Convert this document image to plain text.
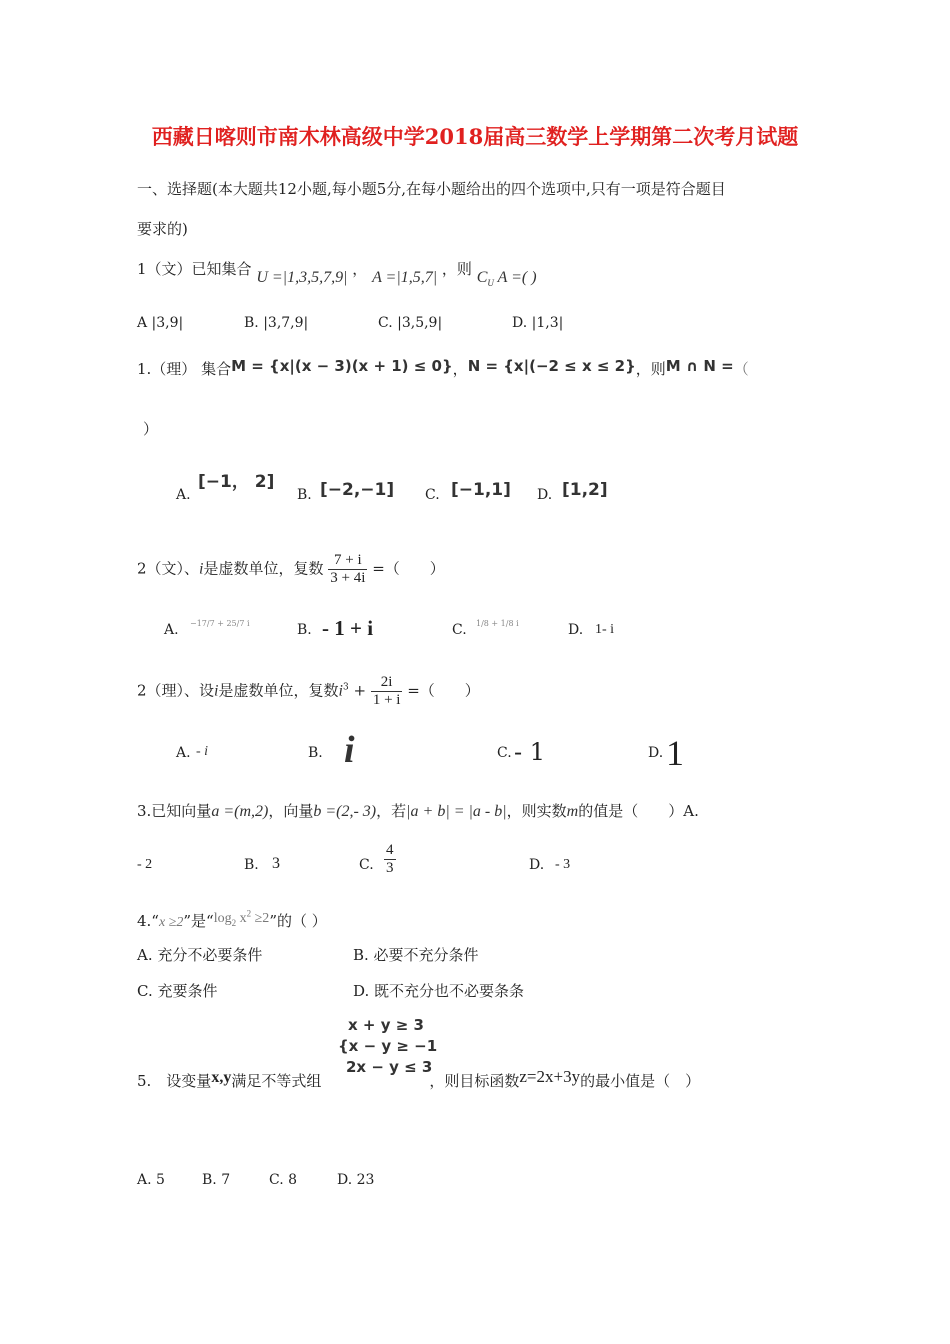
西藏日喀则市南木林高级中学2018届高三数学上学期第二次考月试题
一、选择题(本大题共12小题,每小题5分,在每小题给出的四个选项中,只有一项是符合题目
要求的)
1（文）已知集合 U =|1,3,5,7,9| ， A =|1,5,7| ，则 $C_U$ A =( )
A |3,9|	B. |3,7,9|	C. |3,5,9|	D. |1,3|
1.（理） 集合M = {x|(x − 3)(x + 1) ≤ 0}，N = {x|(−2 ≤ x ≤ 2}，则M ∩ N =（
）
A.
[−1， 2]
B. [−2,−1] C. [−1,1] D. [1,2]
2（文）、i是虚数单位，复数 $\frac{7 + i}{3 + 4i}$ =（　　）
A. −17/7 + 25/7 i	B. - 1 + i	C. 1/8 + 1/8 i	D. 1- i
2（理）、设i是虚数单位，复数$i^3 + \frac{2i}{1 + i}$ =（　　）
A. - i	B. i	C. - 1	D. 1
3.已知向量a =(m,2)，向量b =(2,- 3)，若|a + b| = |a - b|，则实数m的值是（　　）A.
- 2	B. 3	C. $\frac{4}{3}$	D. - 3
4.“x ≥2”是“$\log_2$ $x^2 \ge 2$”的（ ）
A. 充分不必要条件	B. 必要不充分条件
C. 充要条件	D. 既不充分也不必要条条
x + y ≥ 3
{x − y ≥ −1
2x − y ≤ 3
5.　设变量x,y满足不等式组	，则目标函数z=2x+3y的最小值是（　）
A. 5	B. 7	C. 8	D. 23
